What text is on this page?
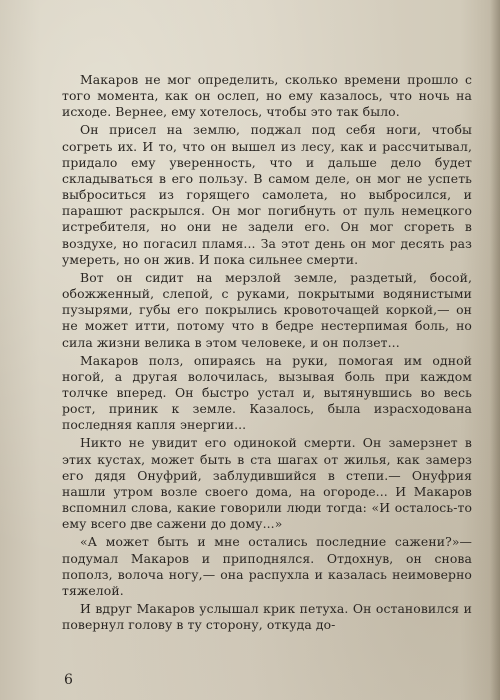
Макаров не мог определить, сколько времени прошло с того момента, как он ослеп, но ему казалось, что ночь на исходе. Вернее, ему хотелось, чтобы это так было.

Он присел на землю, поджал под себя ноги, чтобы согреть их. И то, что он вышел из лесу, как и рассчитывал, придало ему уверенность, что и дальше дело будет складываться в его пользу. В самом деле, он мог не успеть выброситься из горящего самолета, но выбросился, и парашют раскрылся. Он мог погибнуть от пуль немецкого истребителя, но они не задели его. Он мог сгореть в воздухе, но погасил пламя... За этот день он мог десять раз умереть, но он жив. И пока сильнее смерти.

Вот он сидит на мерзлой земле, раздетый, босой, обожженный, слепой, с руками, покрытыми водянистыми пузырями, губы его покрылись кровоточащей коркой,— он не может итти, потому что в бедре нестерпимая боль, но сила жизни велика в этом человеке, и он ползет...

Макаров полз, опираясь на руки, помогая им одной ногой, а другая волочилась, вызывая боль при каждом толчке вперед. Он быстро устал и, вытянувшись во весь рост, приник к земле. Казалось, была израсходована последняя капля энергии...

Никто не увидит его одинокой смерти. Он замерзнет в этих кустах, может быть в ста шагах от жилья, как замерз его дядя Онуфрий, заблудившийся в степи.— Онуфрия нашли утром возле своего дома, на огороде... И Макаров вспомнил слова, какие говорили люди тогда: «И осталось-то ему всего две сажени до дому...»

«А может быть и мне остались последние сажени?»— подумал Макаров и приподнялся. Отдохнув, он снова пополз, волоча ногу,— она распухла и казалась неимоверно тяжелой.

И вдруг Макаров услышал крик петуха. Он остановился и повернул голову в ту сторону, откуда до-

6
